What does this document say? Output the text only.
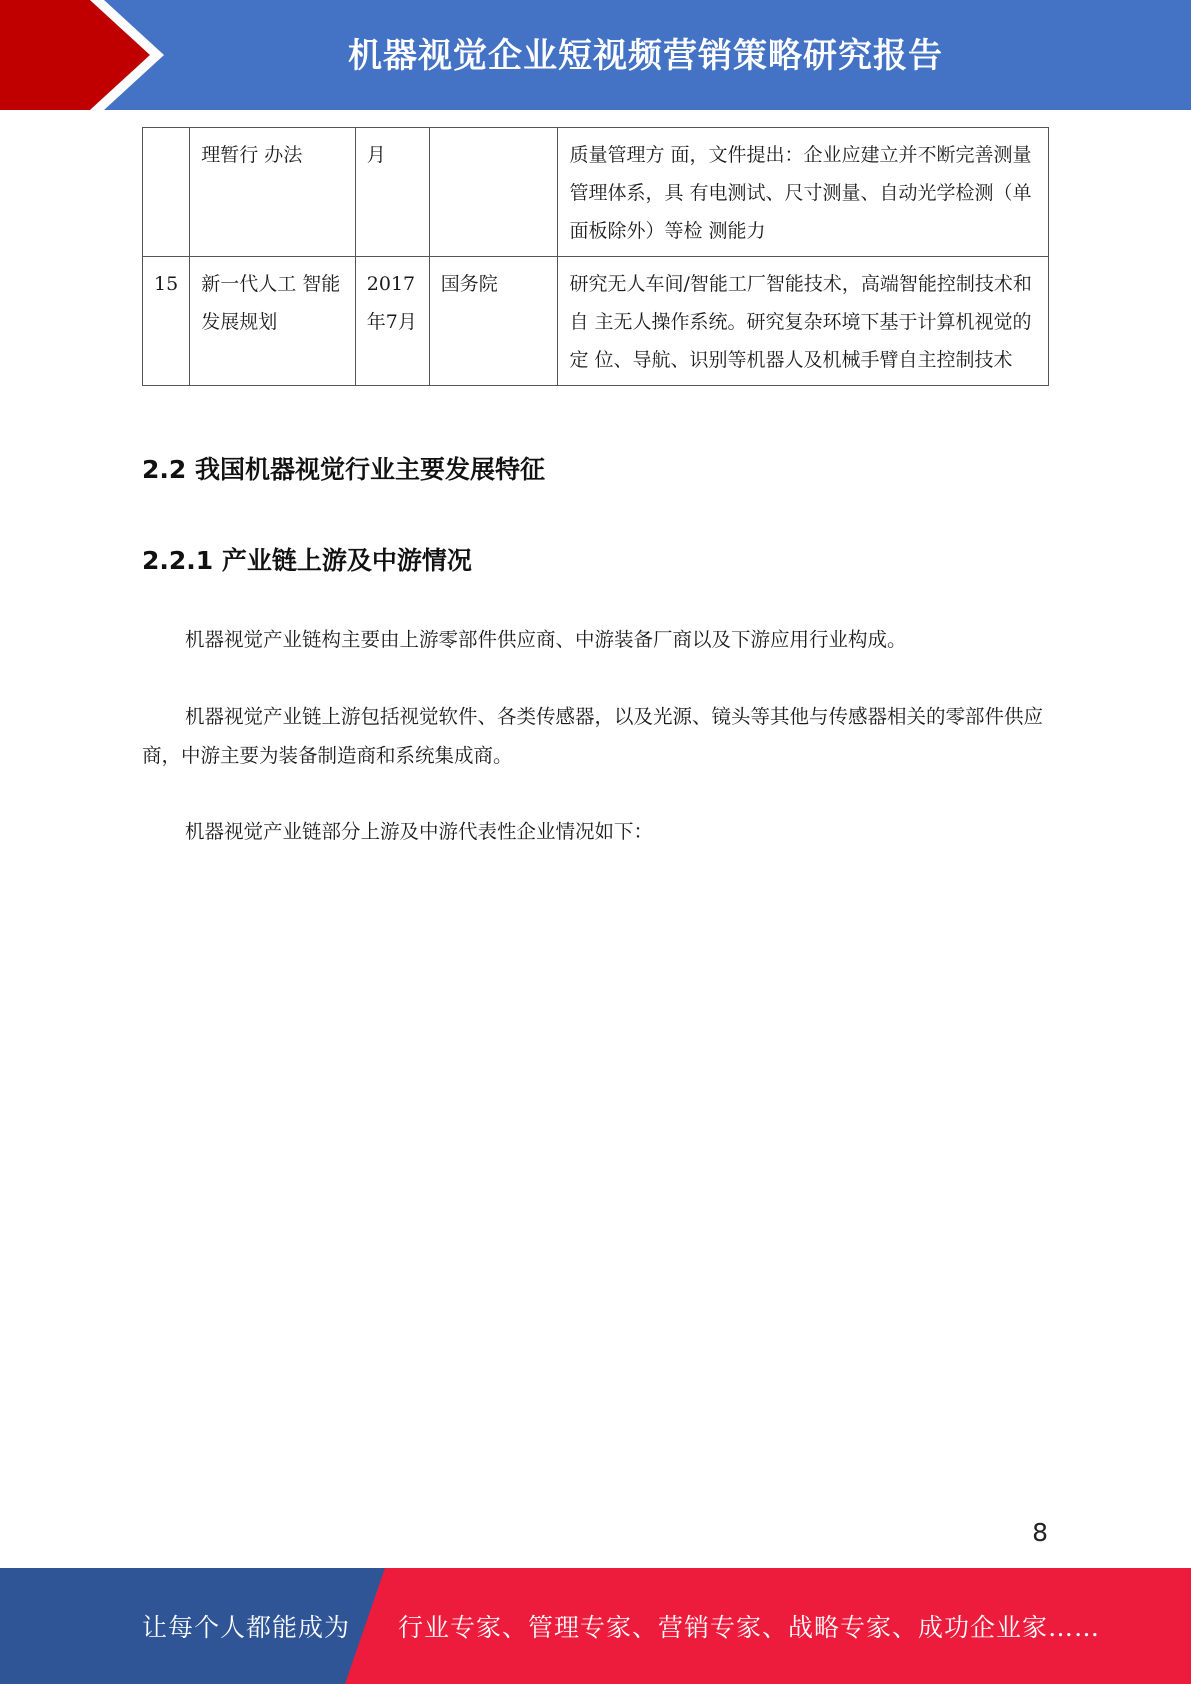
机器视觉企业短视频营销策略研究报告
	理暂行 办法	月		质量管理方 面，文件提出：企业应建立并不断完善测量管理体系，具 有电测试、尺寸测量、自动光学检测（单面板除外）等检 测能力
15	新一代人工 智能发展规划	2017年7月	国务院	研究无人车间/智能工厂智能技术，高端智能控制技术和自 主无人操作系统。研究复杂环境下基于计算机视觉的定 位、导航、识别等机器人及机械手臂自主控制技术
2.2 我国机器视觉行业主要发展特征
2.2.1 产业链上游及中游情况

机器视觉产业链构主要由上游零部件供应商、中游装备厂商以及下游应用行业构成。

机器视觉产业链上游包括视觉软件、各类传感器，以及光源、镜头等其他与传感器相关的零部件供应商，中游主要为装备制造商和系统集成商。

机器视觉产业链部分上游及中游代表性企业情况如下：

8
让每个人都能成为 行业专家、管理专家、营销专家、战略专家、成功企业家……
